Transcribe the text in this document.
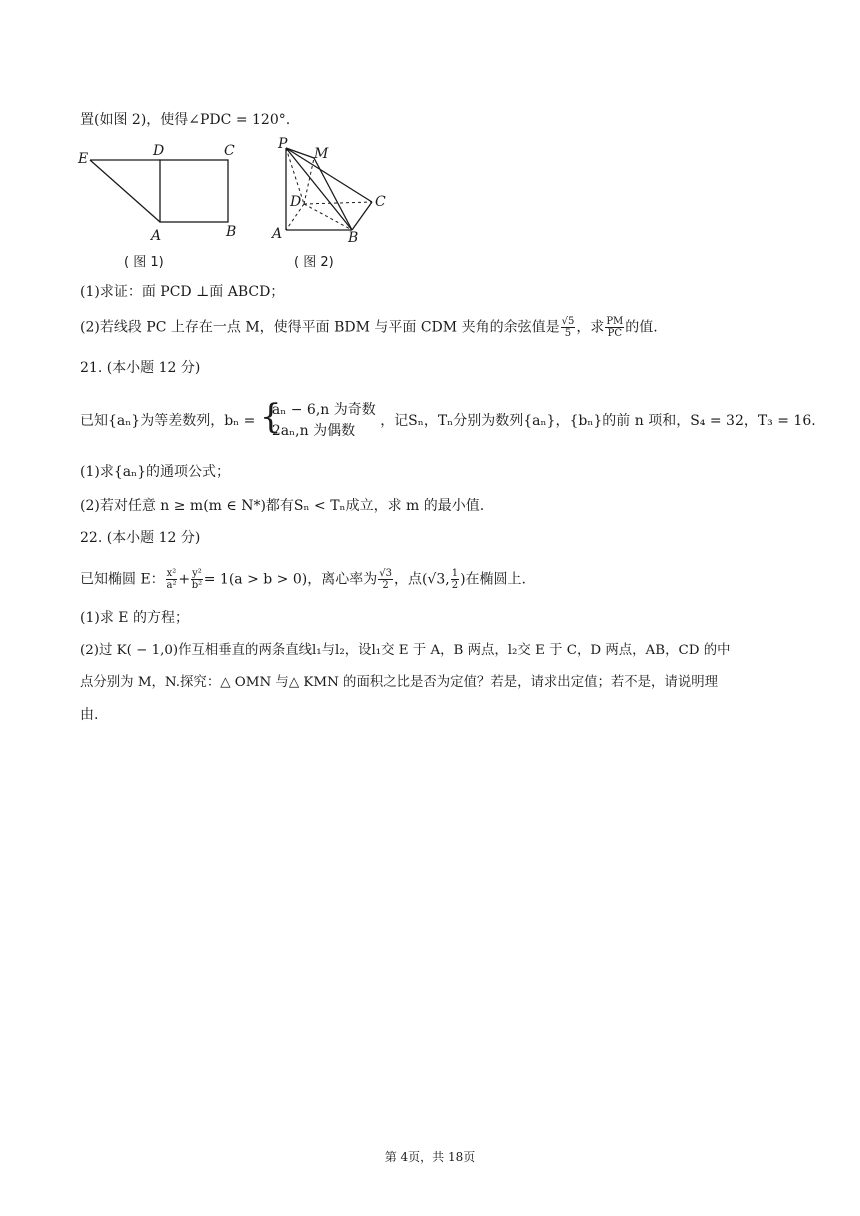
置(如图 2)，使得∠PDC = 120°.
E	D	C
A	B
( 图 1)
P
M
D	C
A	B
( 图 2)
(1)求证：面 PCD ⊥面 ABCD；
(2)若线段 PC 上存在一点 M，使得平面 BDM 与平面 CDM 夹角的余弦值是 $\frac{√5}{5}$ ，求 $\frac{PM}{PC}$ 的值.
21. (本小题 12 分)
已知{aₙ}为等差数列，bₙ = {
aₙ − 6,n 为奇数
2aₙ,n 为偶数
，记Sₙ，Tₙ分别为数列{aₙ}，{bₙ}的前 n 项和，S₄ = 32，T₃ = 16.
(1)求{aₙ}的通项公式；
(2)若对任意 n ≥ m(m ∈ N*)都有Sₙ < Tₙ成立，求 m 的最小值.
22. (本小题 12 分)
已知椭圆 E： $\frac{\text{x²}}{\text{a²}} + \frac{\text{y²}}{\text{b²}} = 1(a > b > 0)$，离心率为 $\frac{√3}{2}$ ，点(√3, $\frac{1}{2}$ )在椭圆上.
(1)求 E 的方程；
(2)过 K( − 1,0)作互相垂直的两条直线l₁与l₂，设l₁交 E 于 A，B 两点，l₂交 E 于 C，D 两点，AB，CD 的中
点分别为 M，N.探究：△ OMN 与△ KMN 的面积之比是否为定值？若是，请求出定值；若不是，请说明理
由.
第 4页，共 18页
